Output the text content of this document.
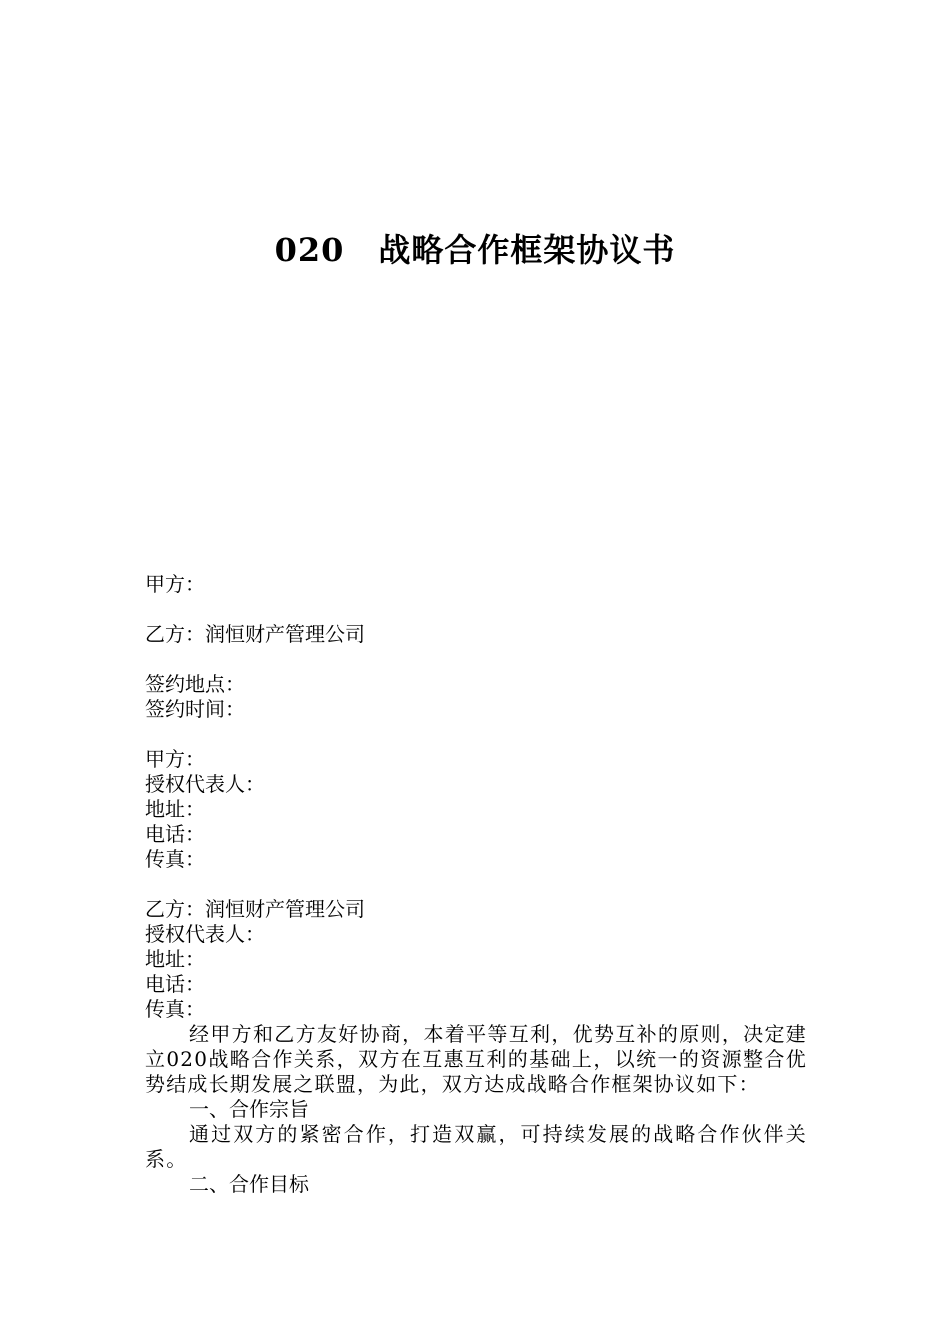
020 战略合作框架协议书
甲方：
乙方：润恒财产管理公司
签约地点：
签约时间：
甲方：
授权代表人：
地址：
电话：
传真：
乙方：润恒财产管理公司
授权代表人：
地址：
电话：
传真：
经甲方和乙方友好协商，本着平等互利，优势互补的原则，决定建立020战略合作关系，双方在互惠互利的基础上，以统一的资源整合优势结成长期发展之联盟，为此，双方达成战略合作框架协议如下：
一、合作宗旨
通过双方的紧密合作，打造双赢，可持续发展的战略合作伙伴关系。
二、合作目标
